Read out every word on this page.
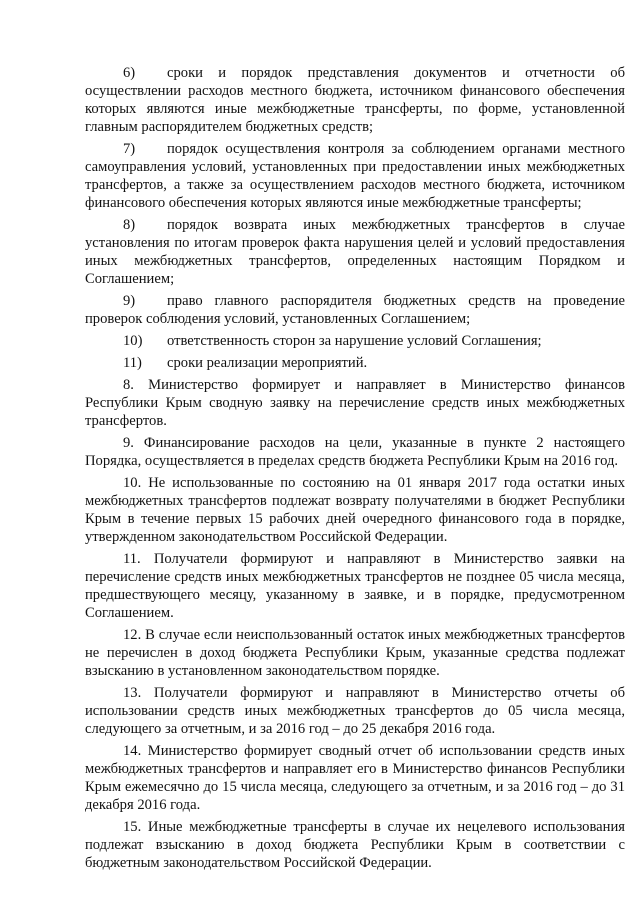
6) сроки и порядок представления документов и отчетности об осуществлении расходов местного бюджета, источником финансового обеспечения которых являются иные межбюджетные трансферты, по форме, установленной главным распорядителем бюджетных средств;

7) порядок осуществления контроля за соблюдением органами местного самоуправления условий, установленных при предоставлении иных межбюджетных трансфертов, а также за осуществлением расходов местного бюджета, источником финансового обеспечения которых являются иные межбюджетные трансферты;

8) порядок возврата иных межбюджетных трансфертов в случае установления по итогам проверок факта нарушения целей и условий предоставления иных межбюджетных трансфертов, определенных настоящим Порядком и Соглашением;

9) право главного распорядителя бюджетных средств на проведение проверок соблюдения условий, установленных Соглашением;

10) ответственность сторон за нарушение условий Соглашения;

11) сроки реализации мероприятий.

8. Министерство формирует и направляет в Министерство финансов Республики Крым сводную заявку на перечисление средств иных межбюджетных трансфертов.

9. Финансирование расходов на цели, указанные в пункте 2 настоящего Порядка, осуществляется в пределах средств бюджета Республики Крым на 2016 год.

10. Не использованные по состоянию на 01 января 2017 года остатки иных межбюджетных трансфертов подлежат возврату получателями в бюджет Республики Крым в течение первых 15 рабочих дней очередного финансового года в порядке, утвержденном законодательством Российской Федерации.

11. Получатели формируют и направляют в Министерство заявки на перечисление средств иных межбюджетных трансфертов не позднее 05 числа месяца, предшествующего месяцу, указанному в заявке, и в порядке, предусмотренном Соглашением.

12. В случае если неиспользованный остаток иных межбюджетных трансфертов не перечислен в доход бюджета Республики Крым, указанные средства подлежат взысканию в установленном законодательством порядке.

13. Получатели формируют и направляют в Министерство отчеты об использовании средств иных межбюджетных трансфертов до 05 числа месяца, следующего за отчетным, и за 2016 год – до 25 декабря 2016 года.

14. Министерство формирует сводный отчет об использовании средств иных межбюджетных трансфертов и направляет его в Министерство финансов Республики Крым ежемесячно до 15 числа месяца, следующего за отчетным, и за 2016 год – до 31 декабря 2016 года.

15. Иные межбюджетные трансферты в случае их нецелевого использования подлежат взысканию в доход бюджета Республики Крым в соответствии с бюджетным законодательством Российской Федерации.
